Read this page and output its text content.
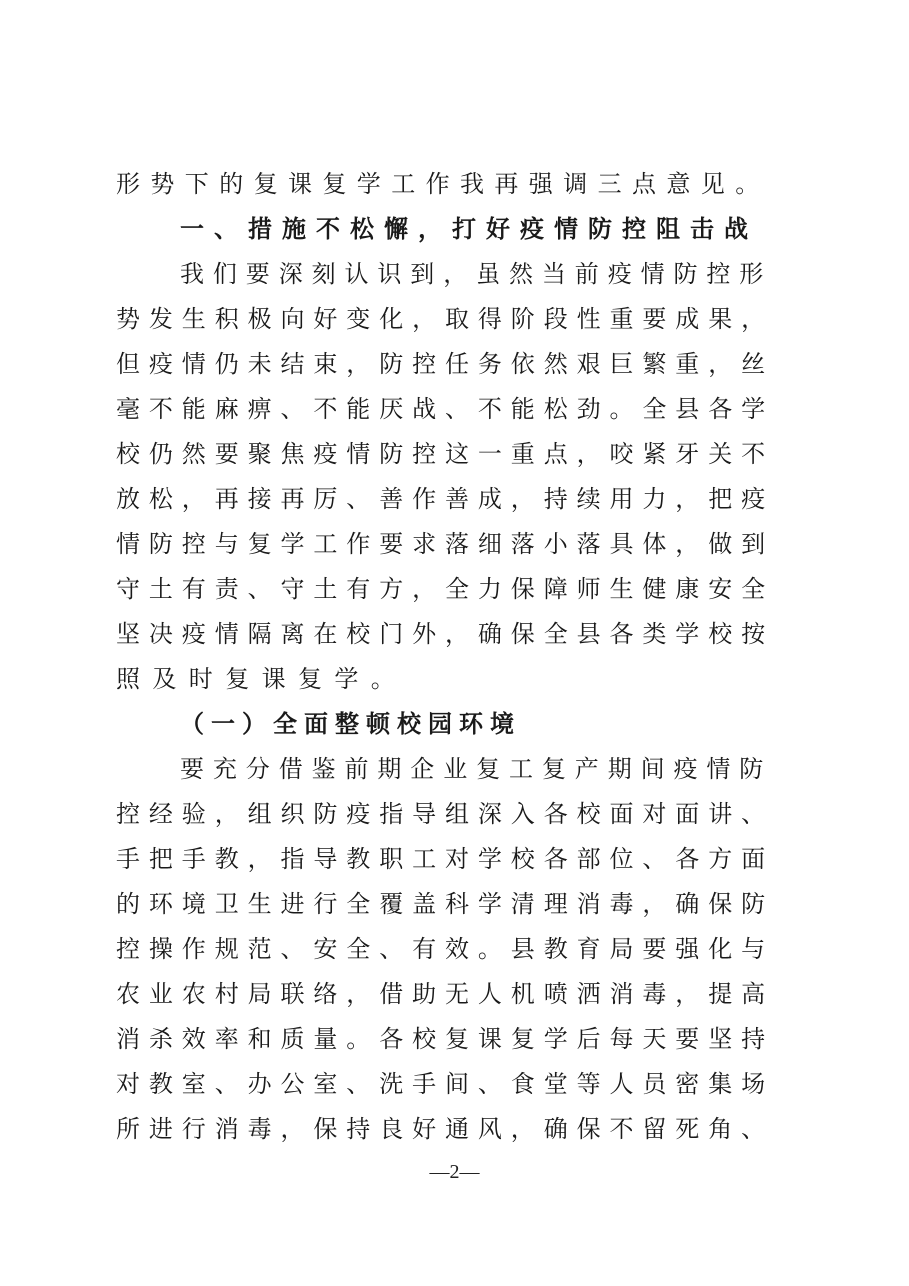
形势下的复课复学工作我再强调三点意见。
一、措施不松懈，打好疫情防控阻击战
我们要深刻认识到，虽然当前疫情防控形
势发生积极向好变化，取得阶段性重要成果，
但疫情仍未结束，防控任务依然艰巨繁重，丝
毫不能麻痹、不能厌战、不能松劲。全县各学
校仍然要聚焦疫情防控这一重点，咬紧牙关不
放松，再接再厉、善作善成，持续用力，把疫
情防控与复学工作要求落细落小落具体，做到
守土有责、守土有方，全力保障师生健康安全
坚决疫情隔离在校门外，确保全县各类学校按
照及时复课复学。
（一）全面整顿校园环境
要充分借鉴前期企业复工复产期间疫情防
控经验，组织防疫指导组深入各校面对面讲、
手把手教，指导教职工对学校各部位、各方面
的环境卫生进行全覆盖科学清理消毒，确保防
控操作规范、安全、有效。县教育局要强化与
农业农村局联络，借助无人机喷洒消毒，提高
消杀效率和质量。各校复课复学后每天要坚持
对教室、办公室、洗手间、食堂等人员密集场
所进行消毒，保持良好通风，确保不留死角、
—2—
